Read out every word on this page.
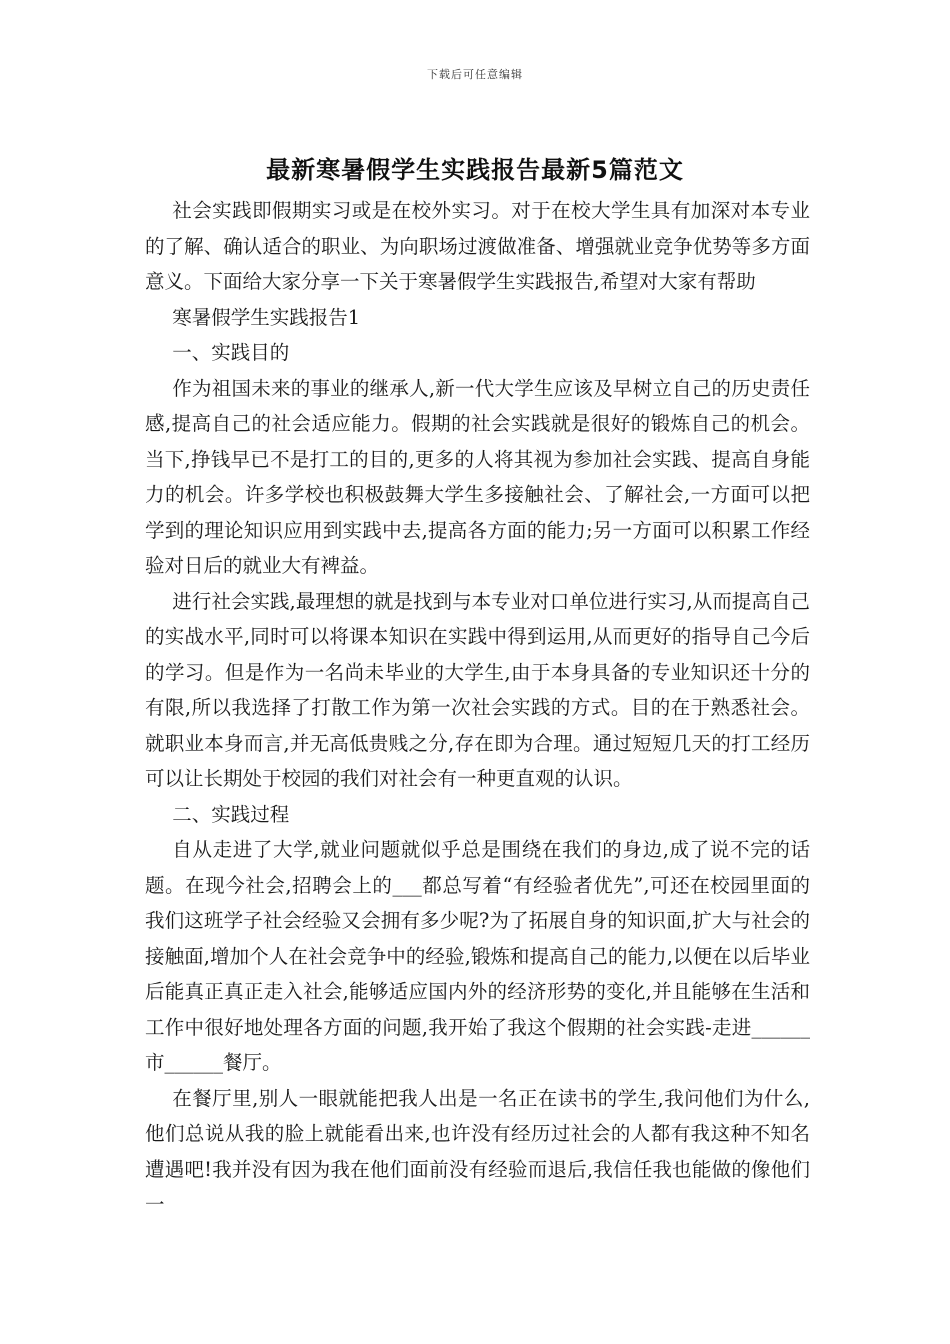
下载后可任意编辑
最新寒暑假学生实践报告最新5篇范文

社会实践即假期实习或是在校外实习。对于在校大学生具有加深对本专业的了解、确认适合的职业、为向职场过渡做准备、增强就业竞争优势等多方面意义。下面给大家分享一下关于寒暑假学生实践报告,希望对大家有帮助

寒暑假学生实践报告1

一、实践目的

作为祖国未来的事业的继承人,新一代大学生应该及早树立自己的历史责任感,提高自己的社会适应能力。假期的社会实践就是很好的锻炼自己的机会。当下,挣钱早已不是打工的目的,更多的人将其视为参加社会实践、提高自身能力的机会。许多学校也积极鼓舞大学生多接触社会、了解社会,一方面可以把学到的理论知识应用到实践中去,提高各方面的能力;另一方面可以积累工作经验对日后的就业大有裨益。

进行社会实践,最理想的就是找到与本专业对口单位进行实习,从而提高自己的实战水平,同时可以将课本知识在实践中得到运用,从而更好的指导自己今后的学习。但是作为一名尚未毕业的大学生,由于本身具备的专业知识还十分的有限,所以我选择了打散工作为第一次社会实践的方式。目的在于熟悉社会。就职业本身而言,并无高低贵贱之分,存在即为合理。通过短短几天的打工经历可以让长期处于校园的我们对社会有一种更直观的认识。

二、实践过程

自从走进了大学,就业问题就似乎总是围绕在我们的身边,成了说不完的话题。在现今社会,招聘会上的___都总写着“有经验者优先”,可还在校园里面的我们这班学子社会经验又会拥有多少呢?为了拓展自身的知识面,扩大与社会的接触面,增加个人在社会竞争中的经验,锻炼和提高自己的能力,以便在以后毕业后能真正真正走入社会,能够适应国内外的经济形势的变化,并且能够在生活和工作中很好地处理各方面的问题,我开始了我这个假期的社会实践-走进______市______餐厅。

在餐厅里,别人一眼就能把我人出是一名正在读书的学生,我问他们为什么,他们总说从我的脸上就能看出来,也许没有经历过社会的人都有我这种不知名遭遇吧!我并没有因为我在他们面前没有经验而退后,我信任我也能做的像他们一
